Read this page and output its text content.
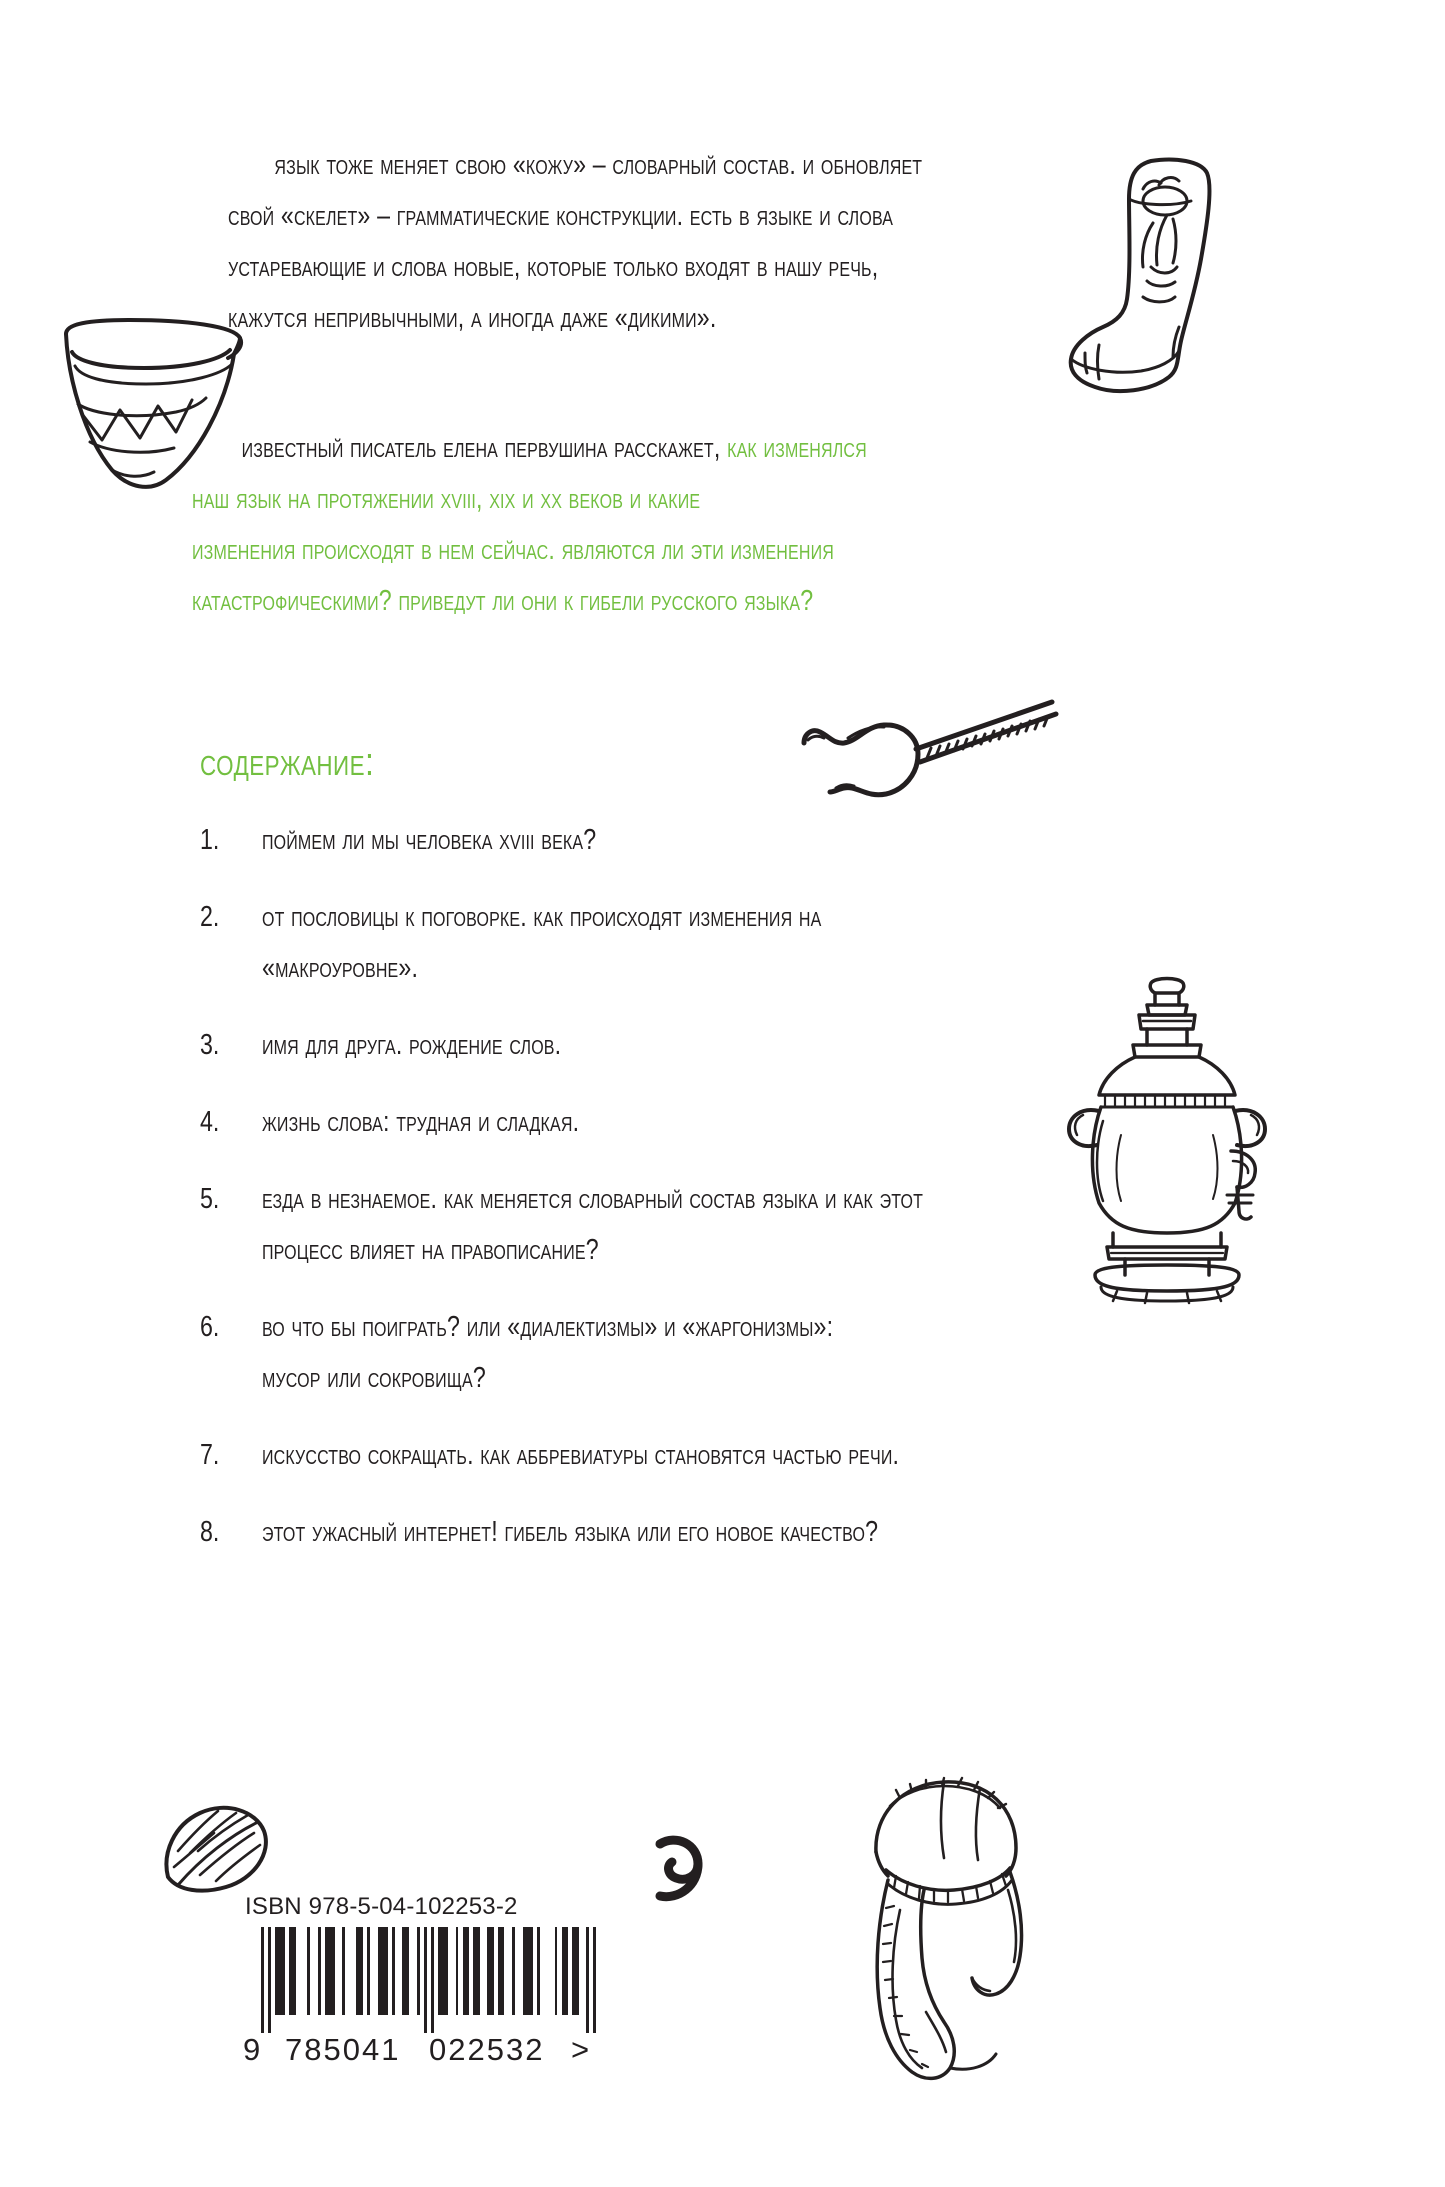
язык тоже меняет свою «кожу» – словарный состав. и обновляет
свой «скелет» – грамматические конструкции. есть в языке и слова
устаревающие и слова новые, которые только входят в нашу речь,
кажутся непривычными, а иногда даже «дикими».
известный писатель елена первушина расскажет, как изменялся
наш язык на протяжении xviii, xix и xx веков и какие
изменения происходят в нем сейчас. являются ли эти изменения
катастрофическими? приведут ли они к гибели русского языка?
содержание:
1.	поймем ли мы человека xviii века?
2.	от пословицы к поговорке. как происходят изменения на
«макроуровне».
3.	имя для друга. рождение слов.
4.	жизнь слова: трудная и сладкая.
5.	езда в незнаемое. как меняется словарный состав языка и как этот
процесс влияет на правописание?
6.	во что бы поиграть? или «диалектизмы» и «жаргонизмы»:
мусор или сокровища?
7.	искусство сокращать. как аббревиатуры становятся частью речи.
8.	этот ужасный интернет! гибель языка или его новое качество?
ISBN 978-5-04-102253-2
9 785041 022532 >
